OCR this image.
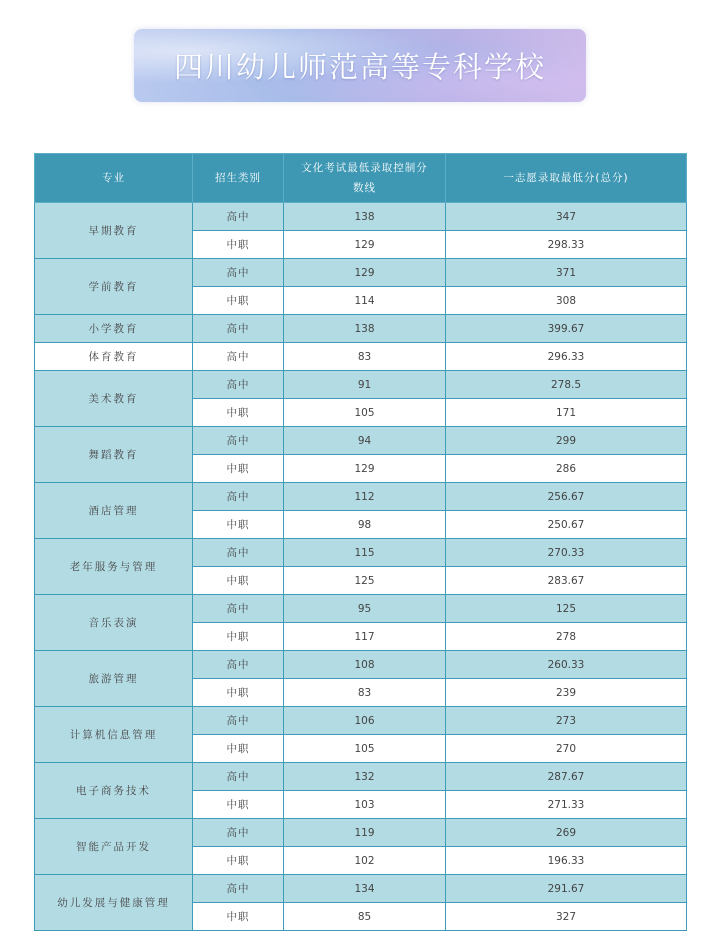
四川幼儿师范高等专科学校
专业	招生类别	文化考试最低录取控制分数线	一志愿录取最低分(总分)
早期教育	高中	138	347
	中职	129	298.33
学前教育	高中	129	371
	中职	114	308
小学教育	高中	138	399.67
体育教育	高中	83	296.33
美术教育	高中	91	278.5
	中职	105	171
舞蹈教育	高中	94	299
	中职	129	286
酒店管理	高中	112	256.67
	中职	98	250.67
老年服务与管理	高中	115	270.33
	中职	125	283.67
音乐表演	高中	95	125
	中职	117	278
旅游管理	高中	108	260.33
	中职	83	239
计算机信息管理	高中	106	273
	中职	105	270
电子商务技术	高中	132	287.67
	中职	103	271.33
智能产品开发	高中	119	269
	中职	102	196.33
幼儿发展与健康管理	高中	134	291.67
	中职	85	327
